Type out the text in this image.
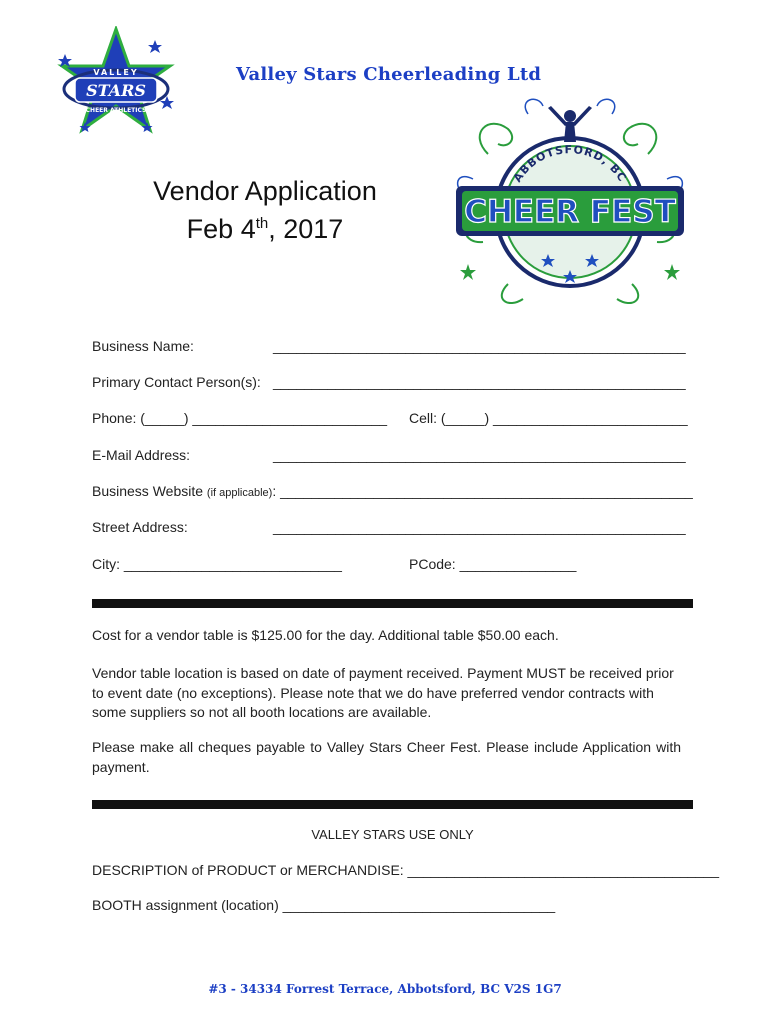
VALLEY
STARS
CHEER ATHLETICS
Valley Stars Cheerleading Ltd
ABBOTSFORD, BC
CHEER FEST
Vendor Application
Feb 4th, 2017
Business Name:	_____________________________________________________
Primary Contact Person(s): _____________________________________________________
Phone: (_____) _________________________ Cell: (_____) _________________________
E-Mail Address:	_____________________________________________________
Business Website (if applicable): _____________________________________________________
Street Address:	_____________________________________________________
City: ____________________________	PCode: _______________
Cost for a vendor table is $125.00 for the day. Additional table $50.00 each.
Vendor table location is based on date of payment received. Payment MUST be received prior to event date (no exceptions). Please note that we do have preferred vendor contracts with some suppliers so not all booth locations are available.
Please make all cheques payable to Valley Stars Cheer Fest. Please include Application with payment.
VALLEY STARS USE ONLY
DESCRIPTION of PRODUCT or MERCHANDISE: ________________________________________
BOOTH assignment (location) ___________________________________
#3 - 34334 Forrest Terrace, Abbotsford, BC V2S 1G7
